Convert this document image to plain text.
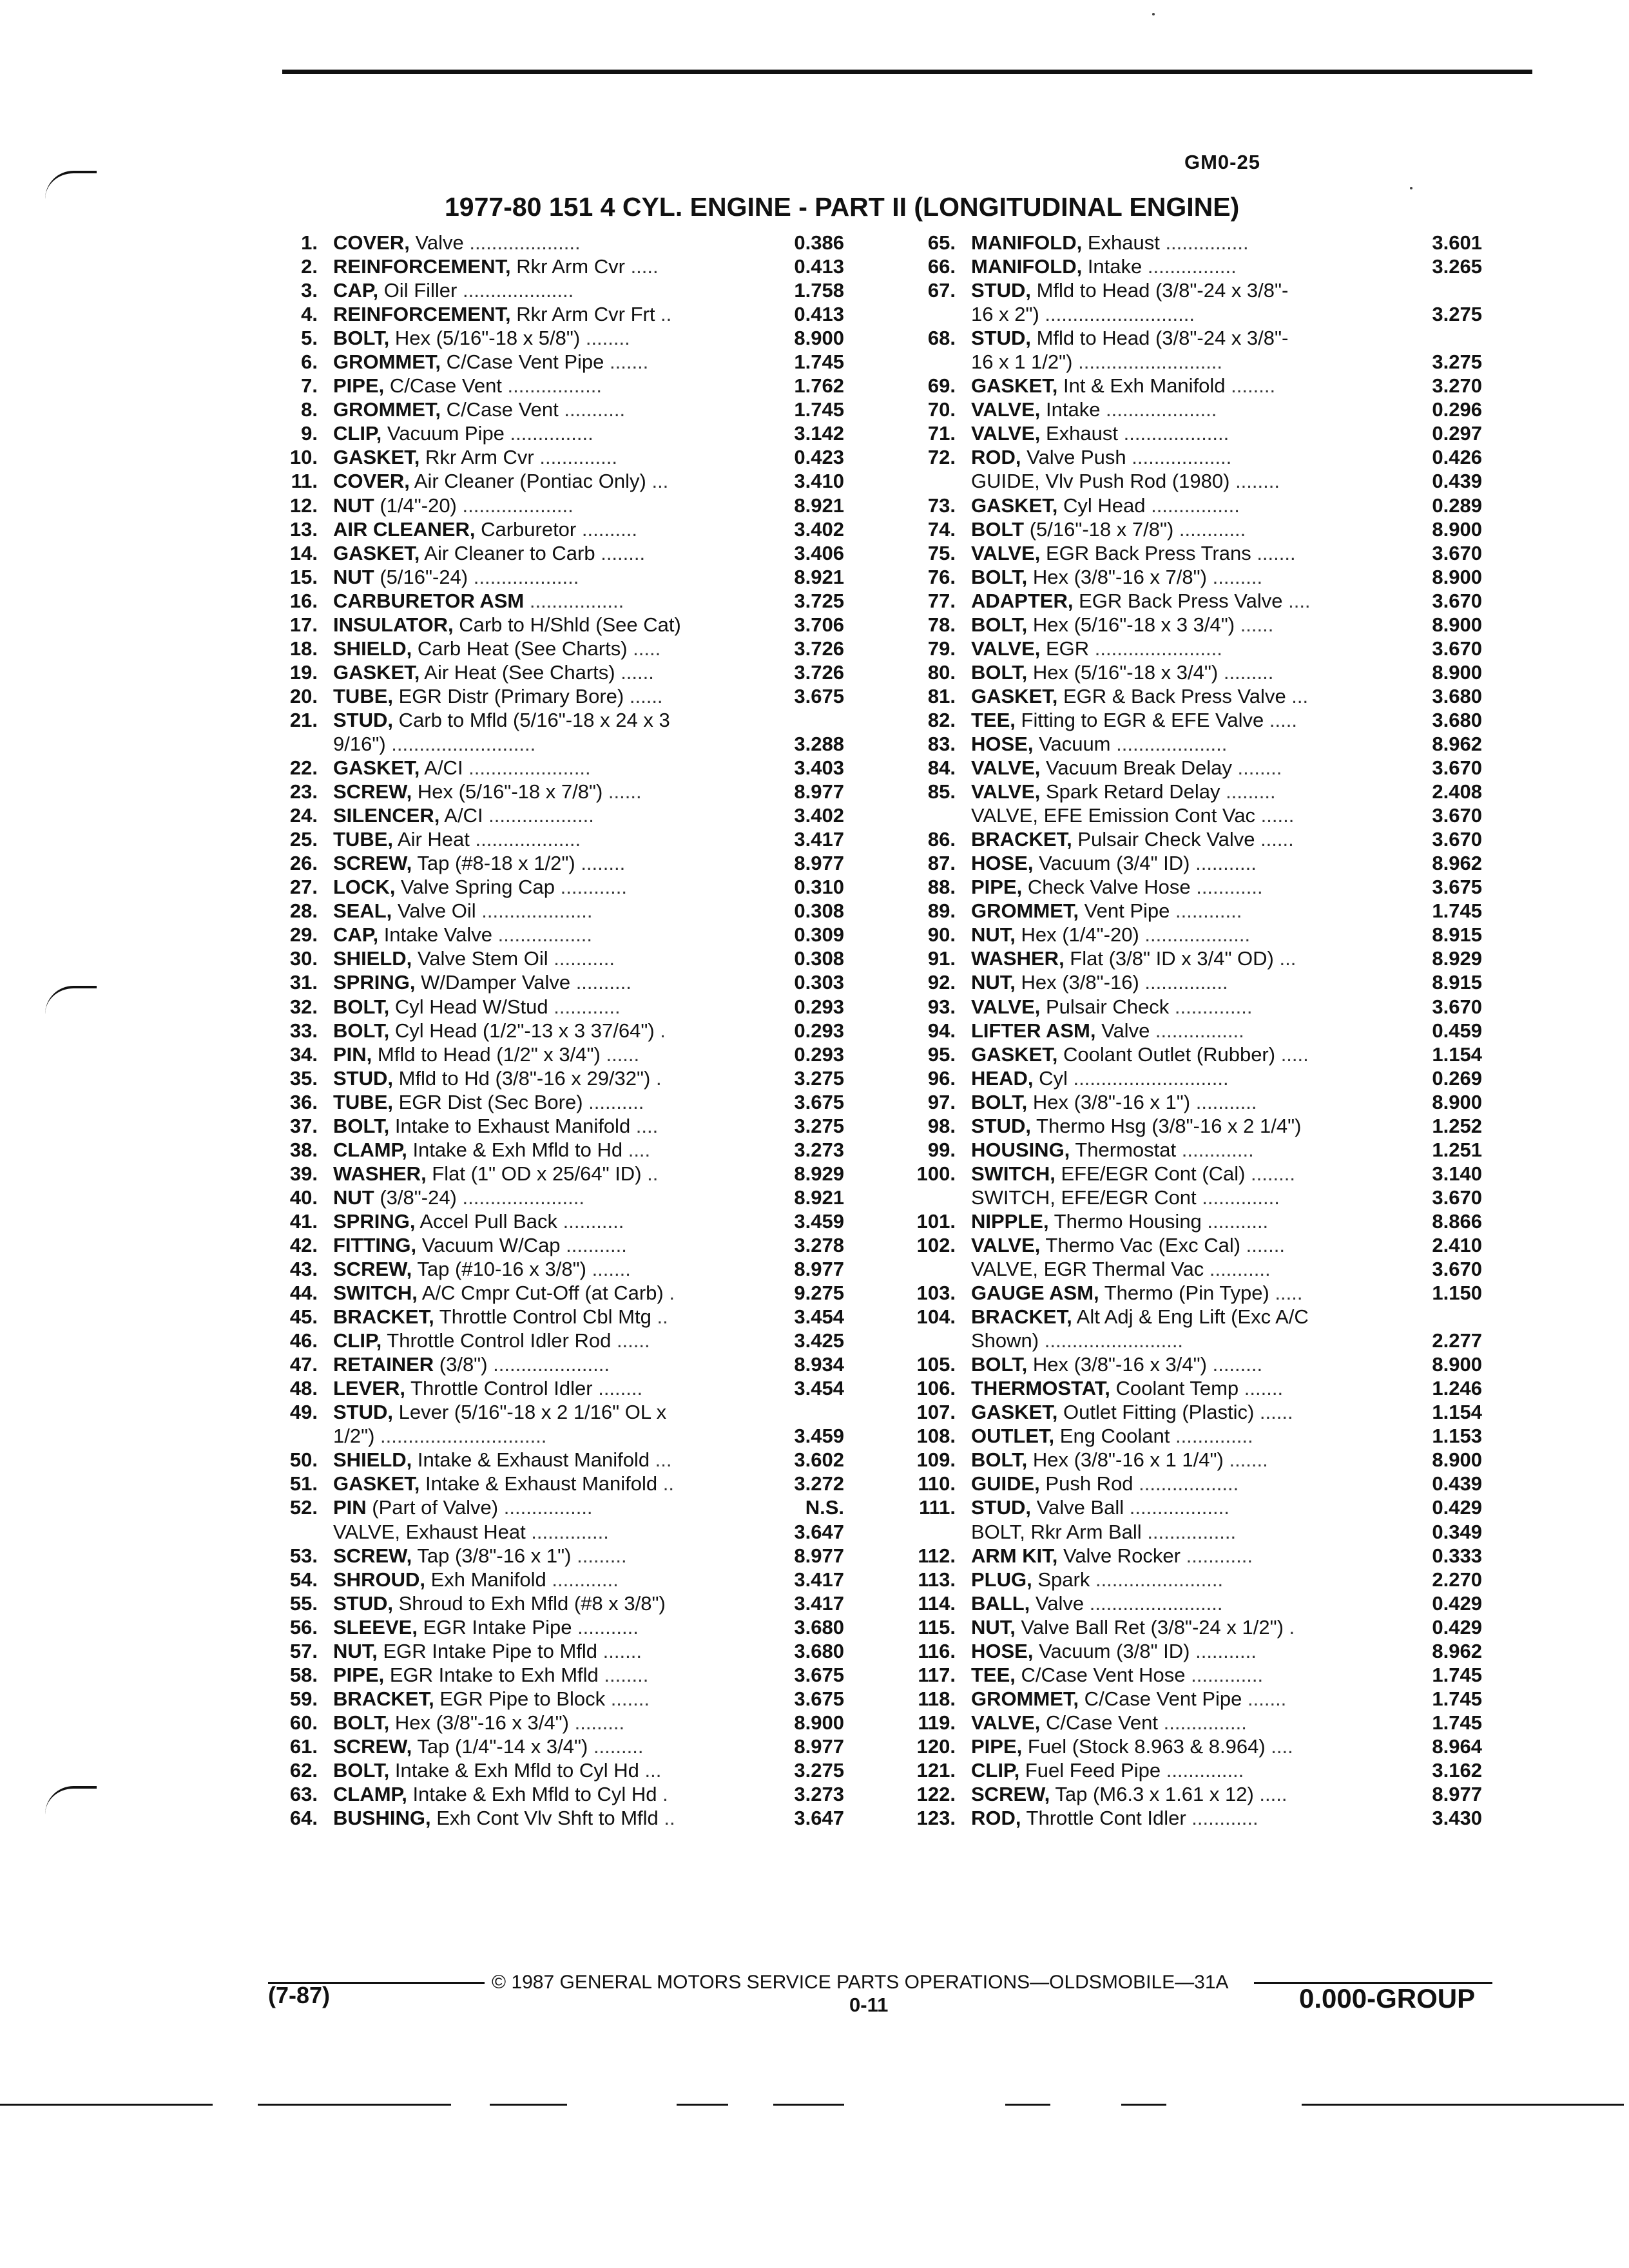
GM0-25
1977-80 151 4 CYL. ENGINE - PART II (LONGITUDINAL ENGINE)
1. COVER, Valve ....................	0.386
2. REINFORCEMENT, Rkr Arm Cvr .....	0.413
3. CAP, Oil Filler ....................	1.758
4. REINFORCEMENT, Rkr Arm Cvr Frt ..	0.413
5. BOLT, Hex (5/16"-18 x 5/8") ........	8.900
6. GROMMET, C/Case Vent Pipe .......	1.745
7. PIPE, C/Case Vent .................	1.762
8. GROMMET, C/Case Vent ...........	1.745
9. CLIP, Vacuum Pipe ...............	3.142
10. GASKET, Rkr Arm Cvr ..............	0.423
11. COVER, Air Cleaner (Pontiac Only) ...	3.410
12. NUT (1/4"-20) ....................	8.921
13. AIR CLEANER, Carburetor ..........	3.402
14. GASKET, Air Cleaner to Carb ........	3.406
15. NUT (5/16"-24) ...................	8.921
16. CARBURETOR ASM .................	3.725
17. INSULATOR, Carb to H/Shld (See Cat)	3.706
18. SHIELD, Carb Heat (See Charts) .....	3.726
19. GASKET, Air Heat (See Charts) ......	3.726
20. TUBE, EGR Distr (Primary Bore) ......	3.675
21. STUD, Carb to Mfld (5/16"-18 x 24 x 3
9/16") ..........................	3.288
22. GASKET, A/CI ......................	3.403
23. SCREW, Hex (5/16"-18 x 7/8") ......	8.977
24. SILENCER, A/CI ...................	3.402
25. TUBE, Air Heat ...................	3.417
26. SCREW, Tap (#8-18 x 1/2") ........	8.977
27. LOCK, Valve Spring Cap ............	0.310
28. SEAL, Valve Oil ....................	0.308
29. CAP, Intake Valve .................	0.309
30. SHIELD, Valve Stem Oil ...........	0.308
31. SPRING, W/Damper Valve ..........	0.303
32. BOLT, Cyl Head W/Stud ............	0.293
33. BOLT, Cyl Head (1/2"-13 x 3 37/64") .	0.293
34. PIN, Mfld to Head (1/2" x 3/4") ......	0.293
35. STUD, Mfld to Hd (3/8"-16 x 29/32") .	3.275
36. TUBE, EGR Dist (Sec Bore) ..........	3.675
37. BOLT, Intake to Exhaust Manifold ....	3.275
38. CLAMP, Intake & Exh Mfld to Hd ....	3.273
39. WASHER, Flat (1" OD x 25/64" ID) ..	8.929
40. NUT (3/8"-24) ......................	8.921
41. SPRING, Accel Pull Back ...........	3.459
42. FITTING, Vacuum W/Cap ...........	3.278
43. SCREW, Tap (#10-16 x 3/8") .......	8.977
44. SWITCH, A/C Cmpr Cut-Off (at Carb) .	9.275
45. BRACKET, Throttle Control Cbl Mtg ..	3.454
46. CLIP, Throttle Control Idler Rod ......	3.425
47. RETAINER (3/8") .....................	8.934
48. LEVER, Throttle Control Idler ........	3.454
49. STUD, Lever (5/16"-18 x 2 1/16" OL x
1/2") ..............................	3.459
50. SHIELD, Intake & Exhaust Manifold ...	3.602
51. GASKET, Intake & Exhaust Manifold ..	3.272
52. PIN (Part of Valve) ................	N.S.
VALVE, Exhaust Heat ..............	3.647
53. SCREW, Tap (3/8"-16 x 1") .........	8.977
54. SHROUD, Exh Manifold ............	3.417
55. STUD, Shroud to Exh Mfld (#8 x 3/8")	3.417
56. SLEEVE, EGR Intake Pipe ...........	3.680
57. NUT, EGR Intake Pipe to Mfld .......	3.680
58. PIPE, EGR Intake to Exh Mfld ........	3.675
59. BRACKET, EGR Pipe to Block .......	3.675
60. BOLT, Hex (3/8"-16 x 3/4") .........	8.900
61. SCREW, Tap (1/4"-14 x 3/4") .........	8.977
62. BOLT, Intake & Exh Mfld to Cyl Hd ...	3.275
63. CLAMP, Intake & Exh Mfld to Cyl Hd .	3.273
64. BUSHING, Exh Cont Vlv Shft to Mfld ..	3.647
65. MANIFOLD, Exhaust ...............	3.601
66. MANIFOLD, Intake ................	3.265
67. STUD, Mfld to Head (3/8"-24 x 3/8"-
16 x 2") ...........................	3.275
68. STUD, Mfld to Head (3/8"-24 x 3/8"-
16 x 1 1/2") ..........................	3.275
69. GASKET, Int & Exh Manifold ........	3.270
70. VALVE, Intake ....................	0.296
71. VALVE, Exhaust ...................	0.297
72. ROD, Valve Push ..................	0.426
GUIDE, Vlv Push Rod (1980) ........	0.439
73. GASKET, Cyl Head ................	0.289
74. BOLT (5/16"-18 x 7/8") ............	8.900
75. VALVE, EGR Back Press Trans .......	3.670
76. BOLT, Hex (3/8"-16 x 7/8") .........	8.900
77. ADAPTER, EGR Back Press Valve ....	3.670
78. BOLT, Hex (5/16"-18 x 3 3/4") ......	8.900
79. VALVE, EGR .......................	3.670
80. BOLT, Hex (5/16"-18 x 3/4") .........	8.900
81. GASKET, EGR & Back Press Valve ...	3.680
82. TEE, Fitting to EGR & EFE Valve .....	3.680
83. HOSE, Vacuum ....................	8.962
84. VALVE, Vacuum Break Delay ........	3.670
85. VALVE, Spark Retard Delay .........	2.408
VALVE, EFE Emission Cont Vac ......	3.670
86. BRACKET, Pulsair Check Valve ......	3.670
87. HOSE, Vacuum (3/4" ID) ...........	8.962
88. PIPE, Check Valve Hose ............	3.675
89. GROMMET, Vent Pipe ............	1.745
90. NUT, Hex (1/4"-20) ...................	8.915
91. WASHER, Flat (3/8" ID x 3/4" OD) ...	8.929
92. NUT, Hex (3/8"-16) ...............	8.915
93. VALVE, Pulsair Check ..............	3.670
94. LIFTER ASM, Valve ................	0.459
95. GASKET, Coolant Outlet (Rubber) .....	1.154
96. HEAD, Cyl ............................	0.269
97. BOLT, Hex (3/8"-16 x 1") ...........	8.900
98. STUD, Thermo Hsg (3/8"-16 x 2 1/4")	1.252
99. HOUSING, Thermostat .............	1.251
100. SWITCH, EFE/EGR Cont (Cal) ........	3.140
SWITCH, EFE/EGR Cont ..............	3.670
101. NIPPLE, Thermo Housing ...........	8.866
102. VALVE, Thermo Vac (Exc Cal) .......	2.410
VALVE, EGR Thermal Vac ...........	3.670
103. GAUGE ASM, Thermo (Pin Type) .....	1.150
104. BRACKET, Alt Adj & Eng Lift (Exc A/C
Shown) .........................	2.277
105. BOLT, Hex (3/8"-16 x 3/4") .........	8.900
106. THERMOSTAT, Coolant Temp .......	1.246
107. GASKET, Outlet Fitting (Plastic) ......	1.154
108. OUTLET, Eng Coolant ..............	1.153
109. BOLT, Hex (3/8"-16 x 1 1/4") .......	8.900
110. GUIDE, Push Rod ..................	0.439
111. STUD, Valve Ball ..................	0.429
BOLT, Rkr Arm Ball ................	0.349
112. ARM KIT, Valve Rocker ............	0.333
113. PLUG, Spark .......................	2.270
114. BALL, Valve ........................	0.429
115. NUT, Valve Ball Ret (3/8"-24 x 1/2") .	0.429
116. HOSE, Vacuum (3/8" ID) ...........	8.962
117. TEE, C/Case Vent Hose .............	1.745
118. GROMMET, C/Case Vent Pipe .......	1.745
119. VALVE, C/Case Vent ...............	1.745
120. PIPE, Fuel (Stock 8.963 & 8.964) ....	8.964
121. CLIP, Fuel Feed Pipe ..............	3.162
122. SCREW, Tap (M6.3 x 1.61 x 12) .....	8.977
123. ROD, Throttle Cont Idler ............	3.430
© 1987 GENERAL MOTORS SERVICE PARTS OPERATIONS—OLDSMOBILE—31A
(7-87)	0-11	0.000-GROUP
